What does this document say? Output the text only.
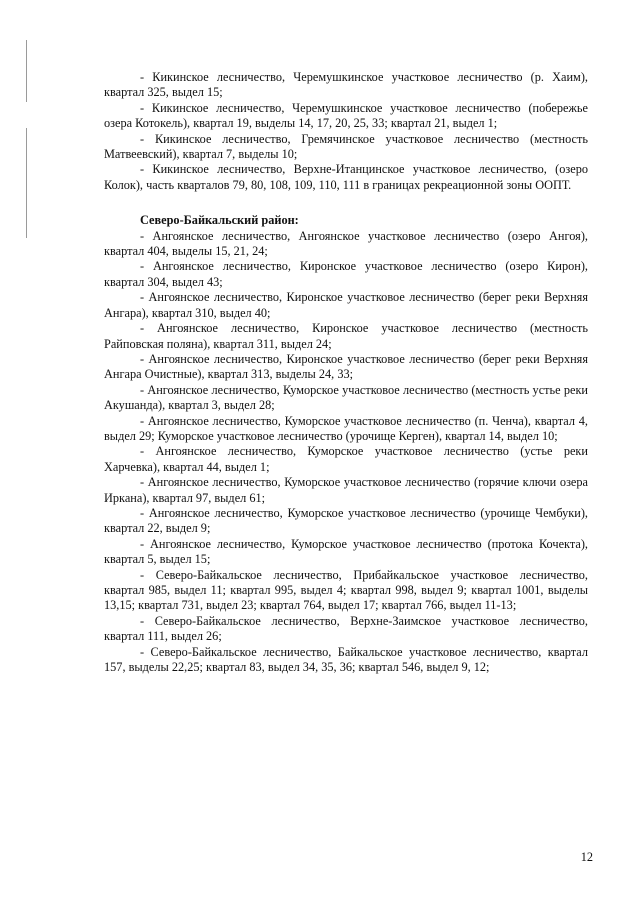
- Кикинское лесничество, Черемушкинское участковое лесничество (р. Хаим), квартал 325, выдел 15;

- Кикинское лесничество, Черемушкинское участковое лесничество (побережье озера Котокель), квартал 19, выделы 14, 17, 20, 25, 33; квартал 21, выдел 1;

- Кикинское лесничество, Гремячинское участковое лесничество (местность Матвеевский), квартал 7, выделы 10;

- Кикинское лесничество, Верхне-Итанцинское участковое лесничество, (озеро Колок), часть кварталов 79, 80, 108, 109, 110, 111 в границах рекреационной зоны ООПТ.

Северо-Байкальский район:

- Ангоянское лесничество, Ангоянское участковое лесничество (озеро Ангоя), квартал 404, выделы 15, 21, 24;

- Ангоянское лесничество, Киронское участковое лесничество (озеро Кирон), квартал 304, выдел 43;

- Ангоянское лесничество, Киронское участковое лесничество (берег реки Верхняя Ангара), квартал 310, выдел 40;

- Ангоянское лесничество, Киронское участковое лесничество (местность Райповская поляна), квартал 311, выдел 24;

- Ангоянское лесничество, Киронское участковое лесничество (берег реки Верхняя Ангара Очистные), квартал 313, выделы 24, 33;

- Ангоянское лесничество, Куморское участковое лесничество (местность устье реки Акушанда), квартал 3, выдел 28;

- Ангоянское лесничество, Куморское участковое лесничество (п. Ченча), квартал 4, выдел 29; Куморское участковое лесничество (урочище Керген), квартал 14, выдел 10;

- Ангоянское лесничество, Куморское участковое лесничество (устье реки Харчевка), квартал 44, выдел 1;

- Ангоянское лесничество, Куморское участковое лесничество (горячие ключи озера Иркана), квартал 97, выдел 61;

- Ангоянское лесничество, Куморское участковое лесничество (урочище Чембуки), квартал 22, выдел 9;

- Ангоянское лесничество, Куморское участковое лесничество (протока Кочекта), квартал 5, выдел 15;

- Северо-Байкальское лесничество, Прибайкальское участковое лесничество, квартал 985, выдел 11; квартал 995, выдел 4; квартал 998, выдел 9; квартал 1001, выделы 13,15; квартал 731, выдел 23; квартал 764, выдел 17; квартал 766, выдел 11-13;

- Северо-Байкальское лесничество, Верхне-Заимское участковое лесничество, квартал 111, выдел 26;

- Северо-Байкальское лесничество, Байкальское участковое лесничество, квартал 157, выделы 22,25; квартал 83, выдел 34, 35, 36; квартал 546, выдел 9, 12;

12
